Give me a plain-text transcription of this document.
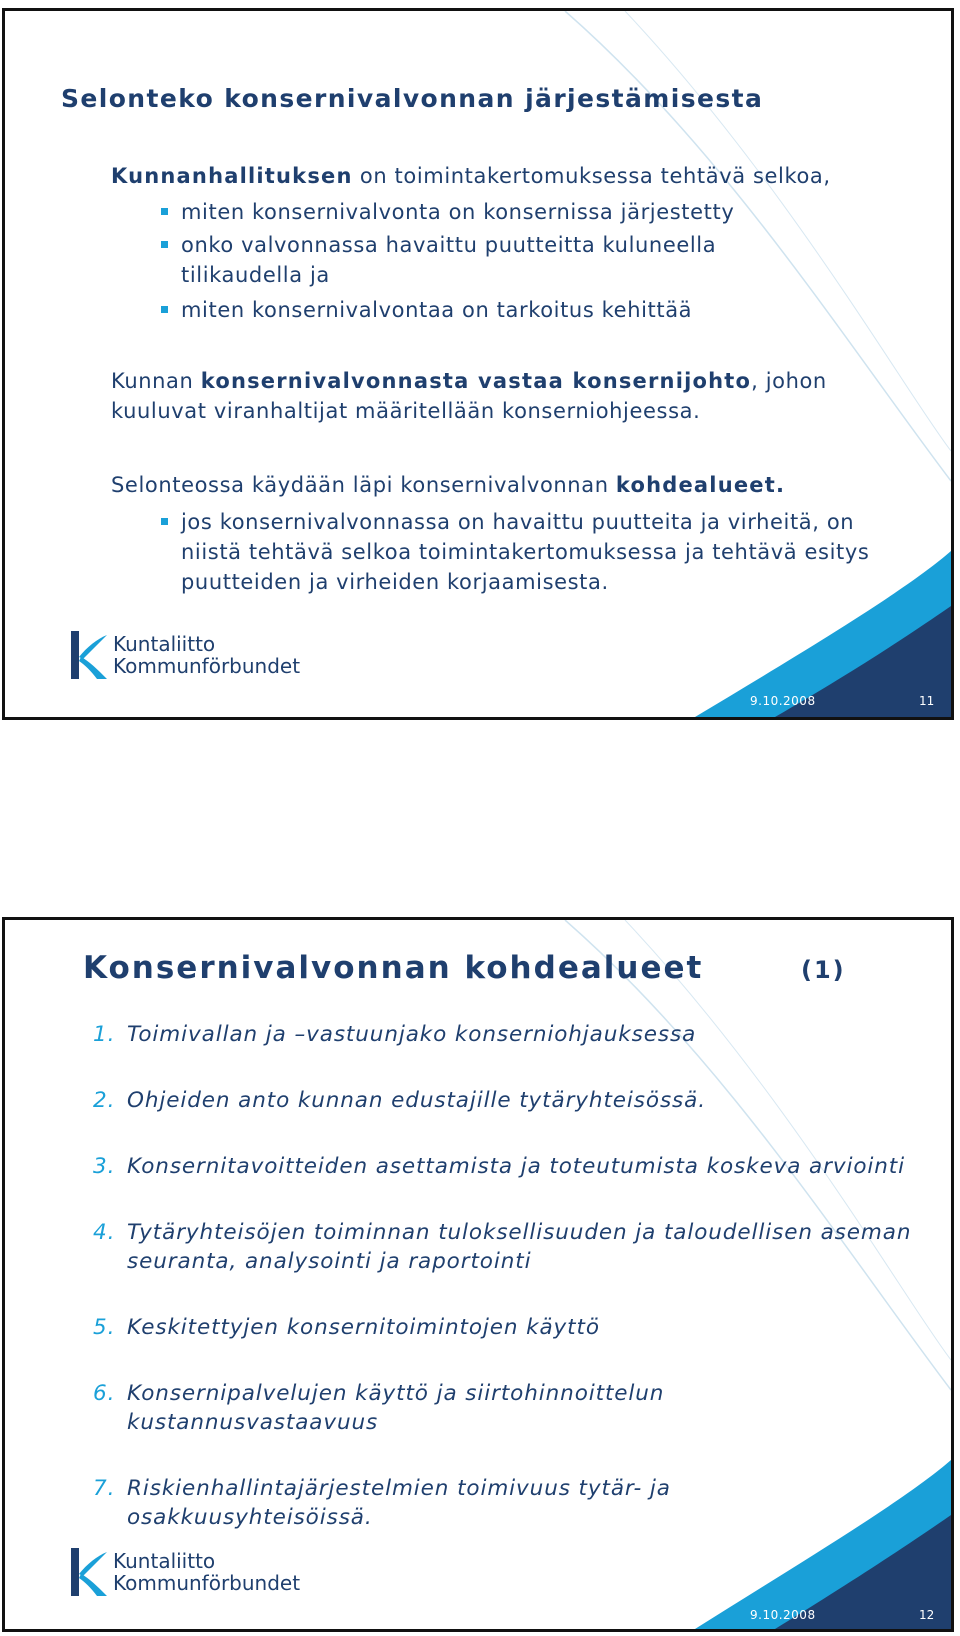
Selonteko konsernivalvonnan järjestämisesta
Kunnanhallituksen on toimintakertomuksessa tehtävä selkoa,
miten konsernivalvonta on konsernissa järjestetty
onko valvonnassa havaittu puutteitta kuluneella tilikaudella ja
miten konsernivalvontaa on tarkoitus kehittää
Kunnan konsernivalvonnasta vastaa konsernijohto, johon kuuluvat viranhaltijat määritellään konserniohjeessa.
Selonteossa käydään läpi konsernivalvonnan kohdealueet.
jos konsernivalvonnassa on havaittu puutteita ja virheitä, on niistä tehtävä selkoa toimintakertomuksessa ja tehtävä esitys puutteiden ja virheiden korjaamisesta.
Kuntaliitto
Kommunförbundet
9.10.2008	11
Konsernivalvonnan kohdealueet	(1)
1. Toimivallan ja –vastuunjako konserniohjauksessa
2. Ohjeiden anto kunnan edustajille tytäryhteisössä.
3. Konsernitavoitteiden asettamista ja toteutumista koskeva arviointi
4. Tytäryhteisöjen toiminnan tuloksellisuuden ja taloudellisen aseman seuranta, analysointi ja raportointi
5. Keskitettyjen konsernitoimintojen käyttö
6. Konsernipalvelujen käyttö ja siirtohinnoittelun kustannusvastaavuus
7. Riskienhallintajärjestelmien toimivuus tytär- ja osakkuusyhteisöissä.
Kuntaliitto
Kommunförbundet
9.10.2008	12
